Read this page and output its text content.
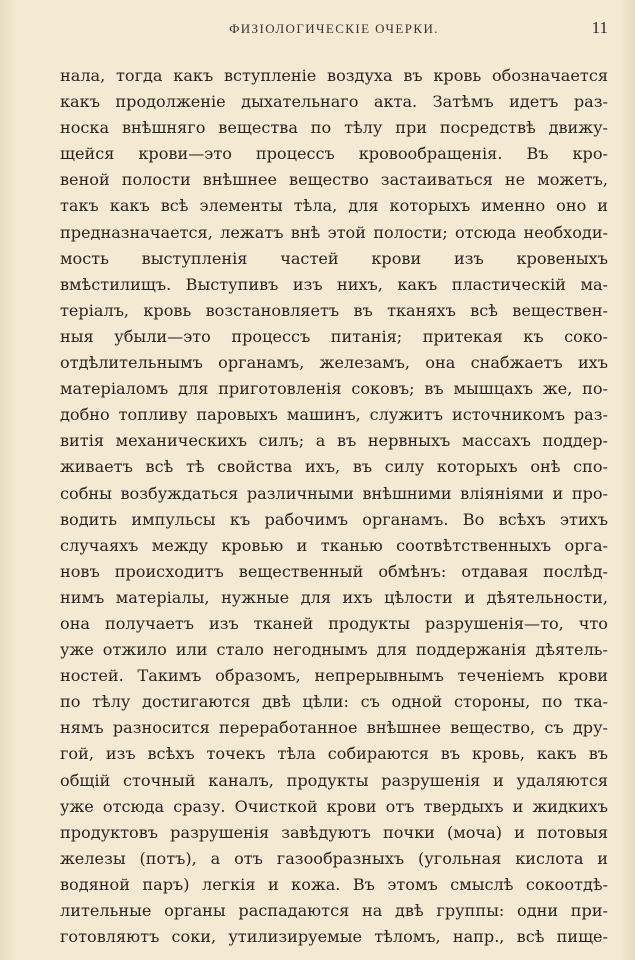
ФИЗІОЛОГИЧЕСКІЕ ОЧЕРКИ.	11
нала, тогда какъ вступленіе воздуха въ кровь обозначается
какъ продолженіе дыхательнаго акта. Затѣмъ идетъ раз-
носка внѣшняго вещества по тѣлу при посредствѣ движу-
щейся крови—это процессъ кровообращенія. Въ кро-
веной полости внѣшнее вещество застаиваться не можетъ,
такъ какъ всѣ элементы тѣла, для которыхъ именно оно и
предназначается, лежатъ внѣ этой полости; отсюда необходи-
мость выступленія частей крови изъ кровеныхъ
вмѣстилищъ. Выступивъ изъ нихъ, какъ пластическій ма-
теріалъ, кровь возстановляетъ въ тканяхъ всѣ веществен-
ныя убыли—это процессъ питанія; притекая къ соко-
отдѣлительнымъ органамъ, железамъ, она снабжаетъ ихъ
матеріаломъ для приготовленія соковъ; въ мышцахъ же, по-
добно топливу паровыхъ машинъ, служитъ источникомъ раз-
витія механическихъ силъ; а въ нервныхъ массахъ поддер-
живаетъ всѣ тѣ свойства ихъ, въ силу которыхъ онѣ спо-
собны возбуждаться различными внѣшними вліяніями и про-
водить импульсы къ рабочимъ органамъ. Во всѣхъ этихъ
случаяхъ между кровью и тканью соотвѣтственныхъ орга-
новъ происходитъ вещественный обмѣнъ: отдавая послѣд-
нимъ матеріалы, нужные для ихъ цѣлости и дѣятельности,
она получаетъ изъ тканей продукты разрушенія—то, что
уже отжило или стало негоднымъ для поддержанія дѣятель-
ностей. Такимъ образомъ, непрерывнымъ теченіемъ крови
по тѣлу достигаются двѣ цѣли: съ одной стороны, по тка-
нямъ разносится переработанное внѣшнее вещество, съ дру-
гой, изъ всѣхъ точекъ тѣла собираются въ кровь, какъ въ
общій сточный каналъ, продукты разрушенія и удаляются
уже отсюда сразу. Очисткой крови отъ твердыхъ и жидкихъ
продуктовъ разрушенія завѣдуютъ почки (моча) и потовыя
железы (потъ), а отъ газообразныхъ (угольная кислота и
водяной паръ) легкія и кожа. Въ этомъ смыслѣ сокоотдѣ-
лительные органы распадаются на двѣ группы: одни при-
готовляютъ соки, утилизируемые тѣломъ, напр., всѣ пище-
